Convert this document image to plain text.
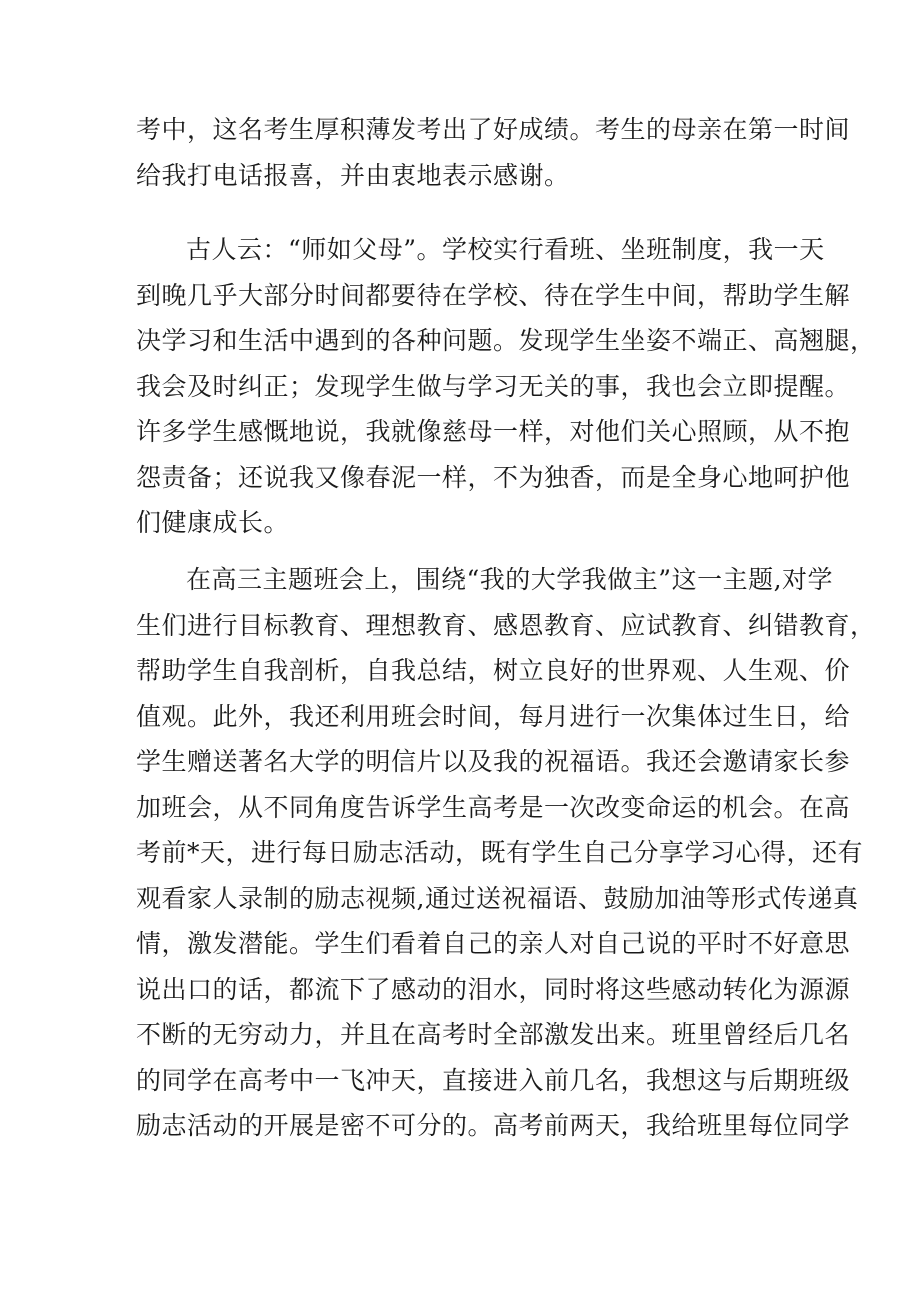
考中，这名考生厚积薄发考出了好成绩。考生的母亲在第一时间
给我打电话报喜，并由衷地表示感谢。
古人云：“师如父母”。学校实行看班、坐班制度，我一天
到晚几乎大部分时间都要待在学校、待在学生中间，帮助学生解
决学习和生活中遇到的各种问题。发现学生坐姿不端正、高翘腿，
我会及时纠正；发现学生做与学习无关的事，我也会立即提醒。
许多学生感慨地说，我就像慈母一样，对他们关心照顾，从不抱
怨责备；还说我又像春泥一样，不为独香，而是全身心地呵护他
们健康成长。
在高三主题班会上，围绕“我的大学我做主”这一主题,对学
生们进行目标教育、理想教育、感恩教育、应试教育、纠错教育，
帮助学生自我剖析，自我总结，树立良好的世界观、人生观、价
值观。此外，我还利用班会时间，每月进行一次集体过生日，给
学生赠送著名大学的明信片以及我的祝福语。我还会邀请家长参
加班会，从不同角度告诉学生高考是一次改变命运的机会。在高
考前*天，进行每日励志活动，既有学生自己分享学习心得，还有
观看家人录制的励志视频,通过送祝福语、鼓励加油等形式传递真
情，激发潜能。学生们看着自己的亲人对自己说的平时不好意思
说出口的话，都流下了感动的泪水，同时将这些感动转化为源源
不断的无穷动力，并且在高考时全部激发出来。班里曾经后几名
的同学在高考中一飞冲天，直接进入前几名，我想这与后期班级
励志活动的开展是密不可分的。高考前两天，我给班里每位同学
